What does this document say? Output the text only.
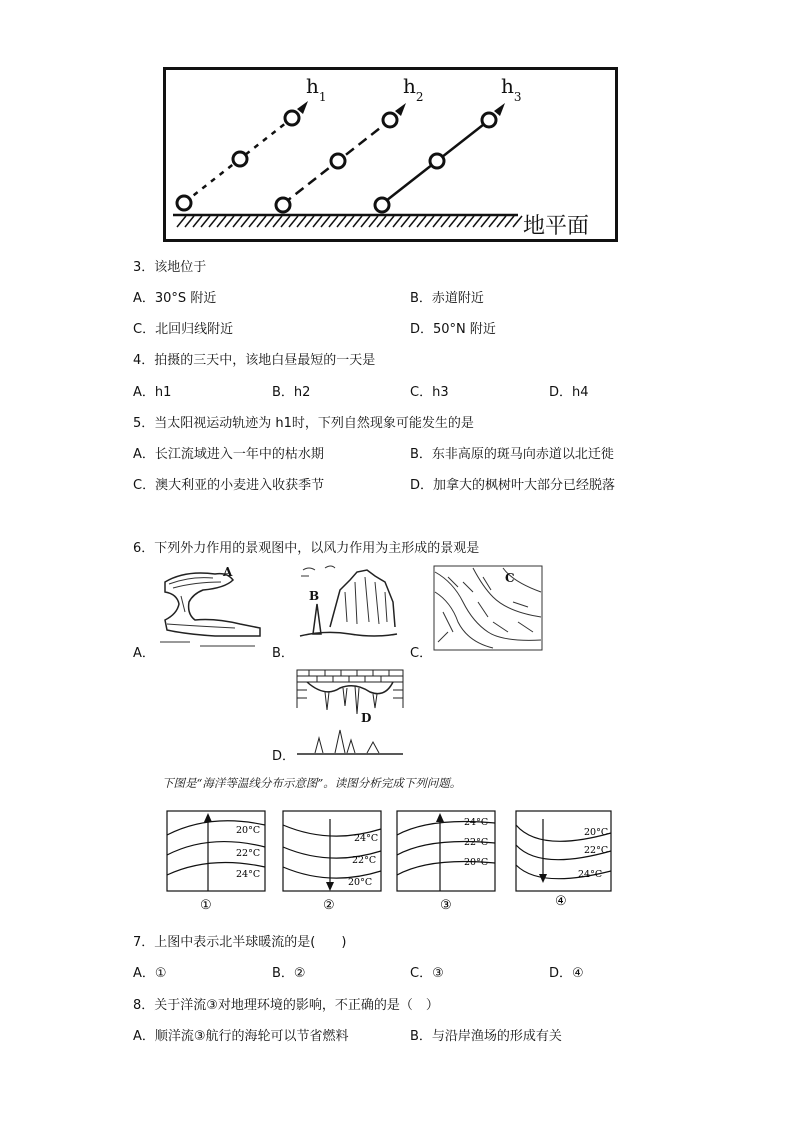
地平面
$h_1$	$h_2$	$h_3$
3．该地位于
A．30°S 附近	B．赤道附近
C．北回归线附近	D．50°N 附近
4．拍摄的三天中，该地白昼最短的一天是
A．h1	B．h2	C．h3	D．h4
5．当太阳视运动轨迹为 h1时，下列自然现象可能发生的是
A．长江流域进入一年中的枯水期	B．东非高原的斑马向赤道以北迁徙
C．澳大利亚的小麦进入收获季节	D．加拿大的枫树叶大部分已经脱落
6．下列外力作用的景观图中，以风力作用为主形成的景观是
A
A．
B
B．
C
C．
D
D．
下图是“海洋等温线分布示意图”。读图分析完成下列问题。
20°C
22°C
24°C
①
24°C
22°C
20°C
②
24°C
22°C
20°C
③
20°C
22°C
24°C
④
7．上图中表示北半球暖流的是(　　)
A．①	B．②	C．③	D．④
8．关于洋流③对地理环境的影响，不正确的是（　）
A．顺洋流③航行的海轮可以节省燃料	B．与沿岸渔场的形成有关
